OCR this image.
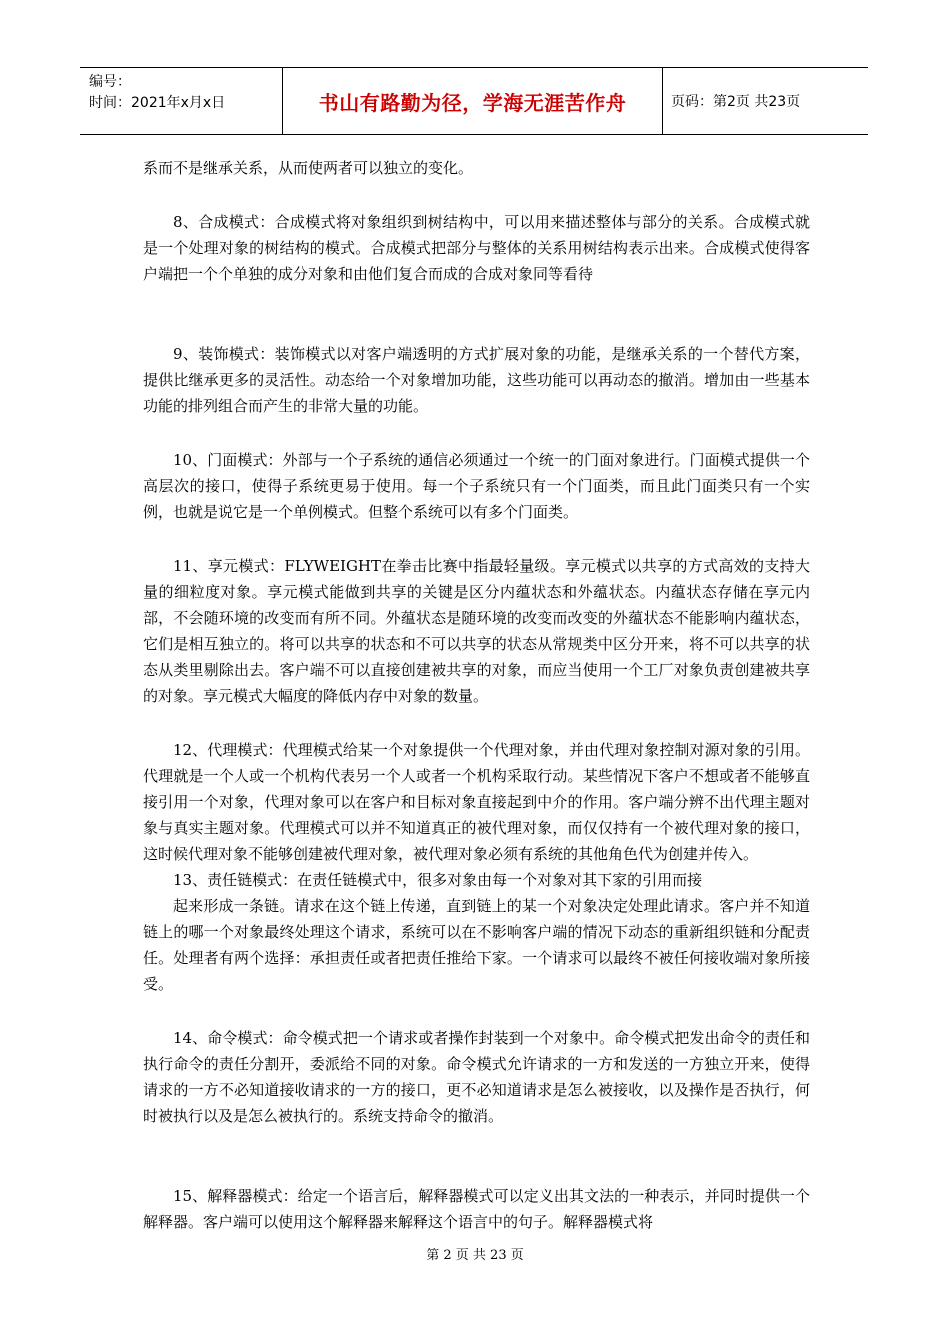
编号：
时间：2021年x月x日	书山有路勤为径，学海无涯苦作舟	页码：第2页 共23页

系而不是继承关系，从而使两者可以独立的变化。

8、合成模式：合成模式将对象组织到树结构中，可以用来描述整体与部分的关系。合成模式就是一个处理对象的树结构的模式。合成模式把部分与整体的关系用树结构表示出来。合成模式使得客户端把一个个单独的成分对象和由他们复合而成的合成对象同等看待

9、装饰模式：装饰模式以对客户端透明的方式扩展对象的功能，是继承关系的一个替代方案，提供比继承更多的灵活性。动态给一个对象增加功能，这些功能可以再动态的撤消。增加由一些基本功能的排列组合而产生的非常大量的功能。

10、门面模式：外部与一个子系统的通信必须通过一个统一的门面对象进行。门面模式提供一个高层次的接口，使得子系统更易于使用。每一个子系统只有一个门面类，而且此门面类只有一个实例，也就是说它是一个单例模式。但整个系统可以有多个门面类。

11、享元模式：FLYWEIGHT在拳击比赛中指最轻量级。享元模式以共享的方式高效的支持大量的细粒度对象。享元模式能做到共享的关键是区分内蕴状态和外蕴状态。内蕴状态存储在享元内部，不会随环境的改变而有所不同。外蕴状态是随环境的改变而改变的外蕴状态不能影响内蕴状态，它们是相互独立的。将可以共享的状态和不可以共享的状态从常规类中区分开来，将不可以共享的状态从类里剔除出去。客户端不可以直接创建被共享的对象，而应当使用一个工厂对象负责创建被共享的对象。享元模式大幅度的降低内存中对象的数量。

12、代理模式：代理模式给某一个对象提供一个代理对象，并由代理对象控制对源对象的引用。代理就是一个人或一个机构代表另一个人或者一个机构采取行动。某些情况下客户不想或者不能够直接引用一个对象，代理对象可以在客户和目标对象直接起到中介的作用。客户端分辨不出代理主题对象与真实主题对象。代理模式可以并不知道真正的被代理对象，而仅仅持有一个被代理对象的接口，这时候代理对象不能够创建被代理对象，被代理对象必须有系统的其他角色代为创建并传入。

13、责任链模式：在责任链模式中，很多对象由每一个对象对其下家的引用而接

起来形成一条链。请求在这个链上传递，直到链上的某一个对象决定处理此请求。客户并不知道链上的哪一个对象最终处理这个请求，系统可以在不影响客户端的情况下动态的重新组织链和分配责任。处理者有两个选择：承担责任或者把责任推给下家。一个请求可以最终不被任何接收端对象所接受。

14、命令模式：命令模式把一个请求或者操作封装到一个对象中。命令模式把发出命令的责任和执行命令的责任分割开，委派给不同的对象。命令模式允许请求的一方和发送的一方独立开来，使得请求的一方不必知道接收请求的一方的接口，更不必知道请求是怎么被接收，以及操作是否执行，何时被执行以及是怎么被执行的。系统支持命令的撤消。

15、解释器模式：给定一个语言后，解释器模式可以定义出其文法的一种表示，并同时提供一个解释器。客户端可以使用这个解释器来解释这个语言中的句子。解释器模式将

第 2 页 共 23 页
